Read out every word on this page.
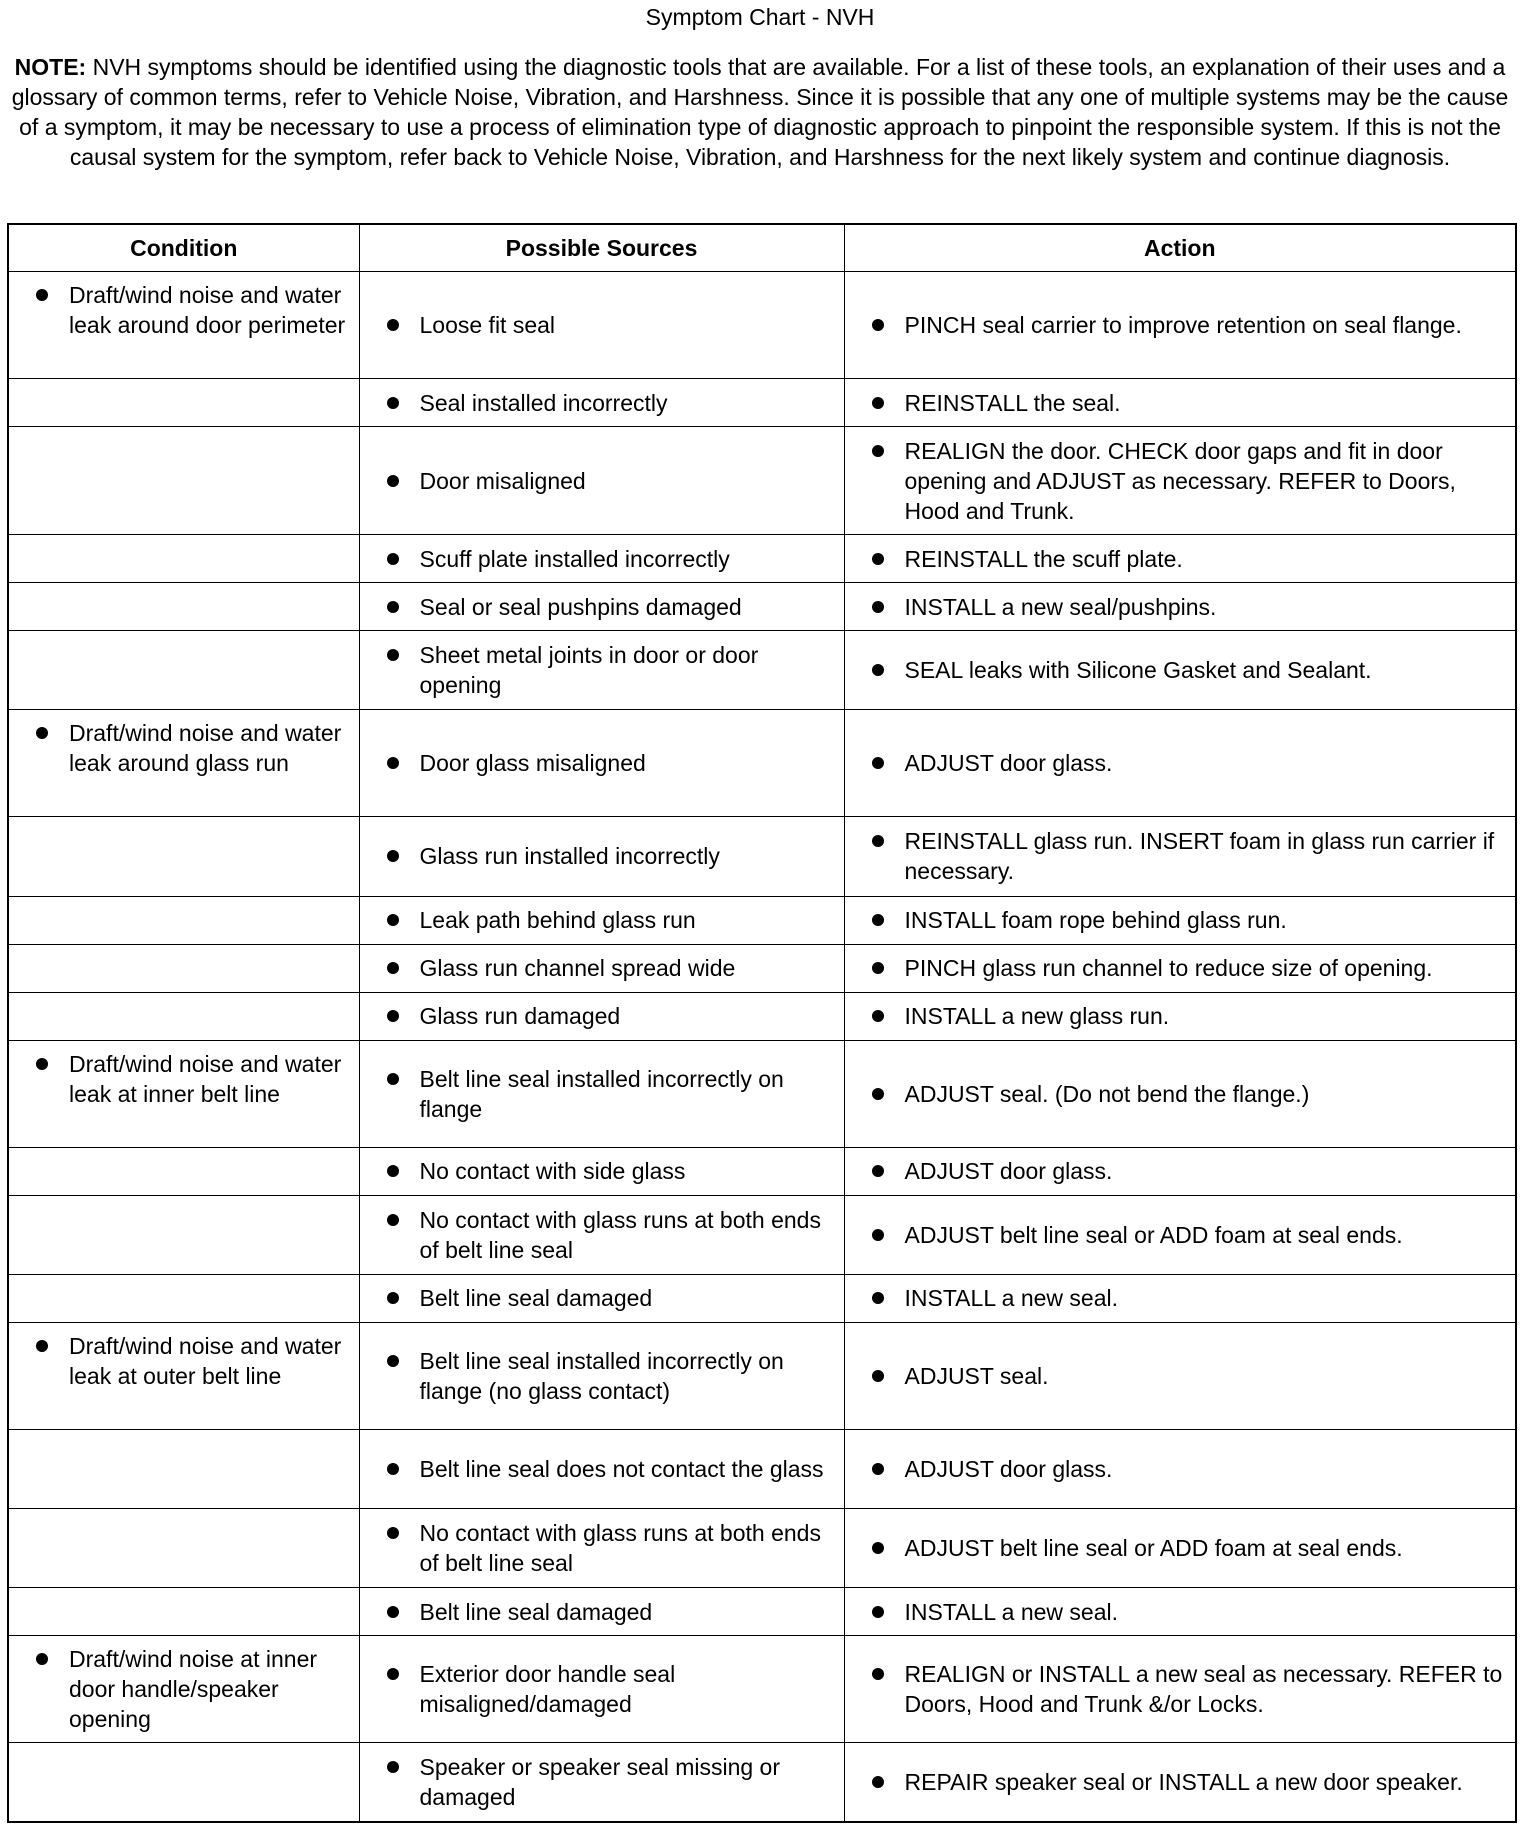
Symptom Chart - NVH
NOTE: NVH symptoms should be identified using the diagnostic tools that are available. For a list of these tools, an explanation of their uses and a glossary of common terms, refer to Vehicle Noise, Vibration, and Harshness. Since it is possible that any one of multiple systems may be the cause of a symptom, it may be necessary to use a process of elimination type of diagnostic approach to pinpoint the responsible system. If this is not the causal system for the symptom, refer back to Vehicle Noise, Vibration, and Harshness for the next likely system and continue diagnosis.
Condition	Possible Sources	Action

Draft/wind noise and water leak around door perimeter	Loose fit seal	PINCH seal carrier to improve retention on seal flange.

	Seal installed incorrectly	REINSTALL the seal.

	Door misaligned	REALIGN the door. CHECK door gaps and fit in door opening and ADJUST as necessary. REFER to Doors, Hood and Trunk.

	Scuff plate installed incorrectly	REINSTALL the scuff plate.

	Seal or seal pushpins damaged	INSTALL a new seal/pushpins.

	Sheet metal joints in door or door opening	SEAL leaks with Silicone Gasket and Sealant.

Draft/wind noise and water leak around glass run	Door glass misaligned	ADJUST door glass.

	Glass run installed incorrectly	REINSTALL glass run. INSERT foam in glass run carrier if necessary.

	Leak path behind glass run	INSTALL foam rope behind glass run.

	Glass run channel spread wide	PINCH glass run channel to reduce size of opening.

	Glass run damaged	INSTALL a new glass run.

Draft/wind noise and water leak at inner belt line	Belt line seal installed incorrectly on flange	ADJUST seal. (Do not bend the flange.)

	No contact with side glass	ADJUST door glass.

	No contact with glass runs at both ends of belt line seal	ADJUST belt line seal or ADD foam at seal ends.

	Belt line seal damaged	INSTALL a new seal.

Draft/wind noise and water leak at outer belt line	Belt line seal installed incorrectly on flange (no glass contact)	ADJUST seal.

	Belt line seal does not contact the glass	ADJUST door glass.

	No contact with glass runs at both ends of belt line seal	ADJUST belt line seal or ADD foam at seal ends.

	Belt line seal damaged	INSTALL a new seal.

Draft/wind noise at inner door handle/speaker opening	Exterior door handle seal misaligned/damaged	REALIGN or INSTALL a new seal as necessary. REFER to Doors, Hood and Trunk &/or Locks.

	Speaker or speaker seal missing or damaged	REPAIR speaker seal or INSTALL a new door speaker.
